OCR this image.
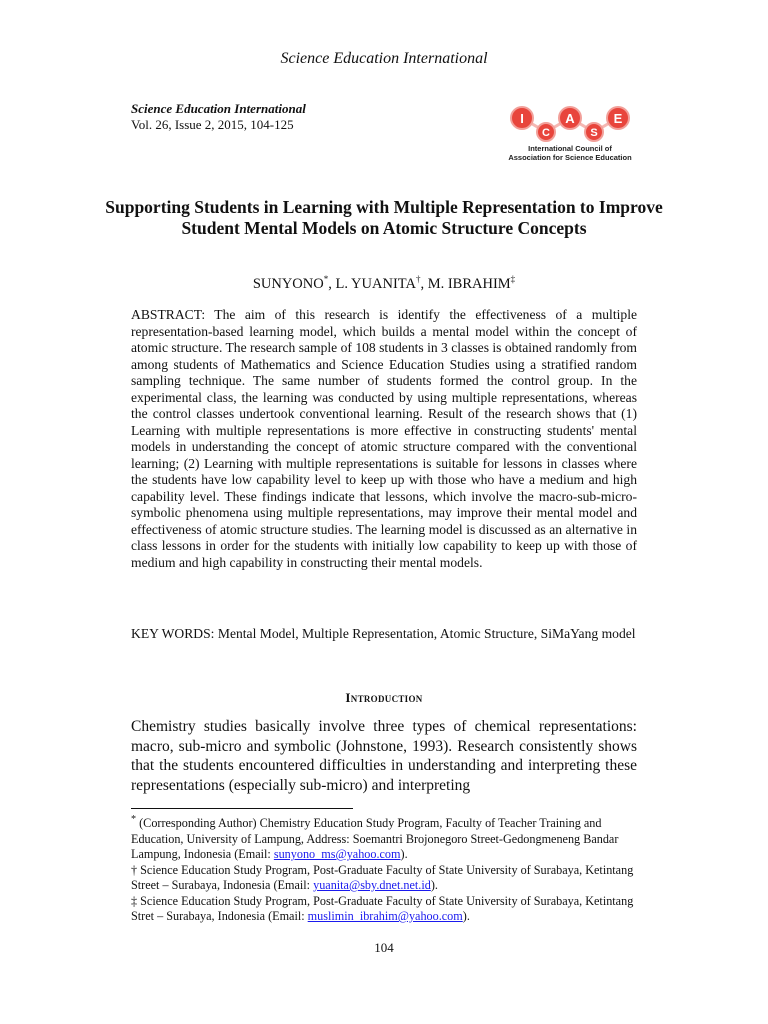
Science Education International
Science Education International
Vol. 26, Issue 2, 2015, 104-125	I
C
A
S
E
International Council of
Association for Science Education
Supporting Students in Learning with Multiple Representation to Improve Student Mental Models on Atomic Structure Concepts
SUNYONO*, L. YUANITA†, M. IBRAHIM‡

ABSTRACT: The aim of this research is identify the effectiveness of a multiple representation-based learning model, which builds a mental model within the concept of atomic structure. The research sample of 108 students in 3 classes is obtained randomly from among students of Mathematics and Science Education Studies using a stratified random sampling technique. The same number of students formed the control group. In the experimental class, the learning was conducted by using multiple representations, whereas the control classes undertook conventional learning. Result of the research shows that (1) Learning with multiple representations is more effective in constructing students' mental models in understanding the concept of atomic structure compared with the conventional learning; (2) Learning with multiple representations is suitable for lessons in classes where the students have low capability level to keep up with those who have a medium and high capability level. These findings indicate that lessons, which involve the macro-sub-micro-symbolic phenomena using multiple representations, may improve their mental model and effectiveness of atomic structure studies. The learning model is discussed as an alternative in class lessons in order for the students with initially low capability to keep up with those of medium and high capability in constructing their mental models.

KEY WORDS: Mental Model, Multiple Representation, Atomic Structure, SiMaYang model

Introduction

Chemistry studies basically involve three types of chemical representations: macro, sub-micro and symbolic (Johnstone, 1993). Research consistently shows that the students encountered difficulties in understanding and interpreting these representations (especially sub-micro) and interpreting

* (Corresponding Author) Chemistry Education Study Program, Faculty of Teacher Training and Education, University of Lampung, Address: Soemantri Brojonegoro Street-Gedongmeneng Bandar Lampung, Indonesia (Email: sunyono_ms@yahoo.com).

† Science Education Study Program, Post-Graduate Faculty of State University of Surabaya, Ketintang Street – Surabaya, Indonesia (Email: yuanita@sby.dnet.net.id).

‡ Science Education Study Program, Post-Graduate Faculty of State University of Surabaya, Ketintang Stret – Surabaya, Indonesia (Email: muslimin_ibrahim@yahoo.com).

104
